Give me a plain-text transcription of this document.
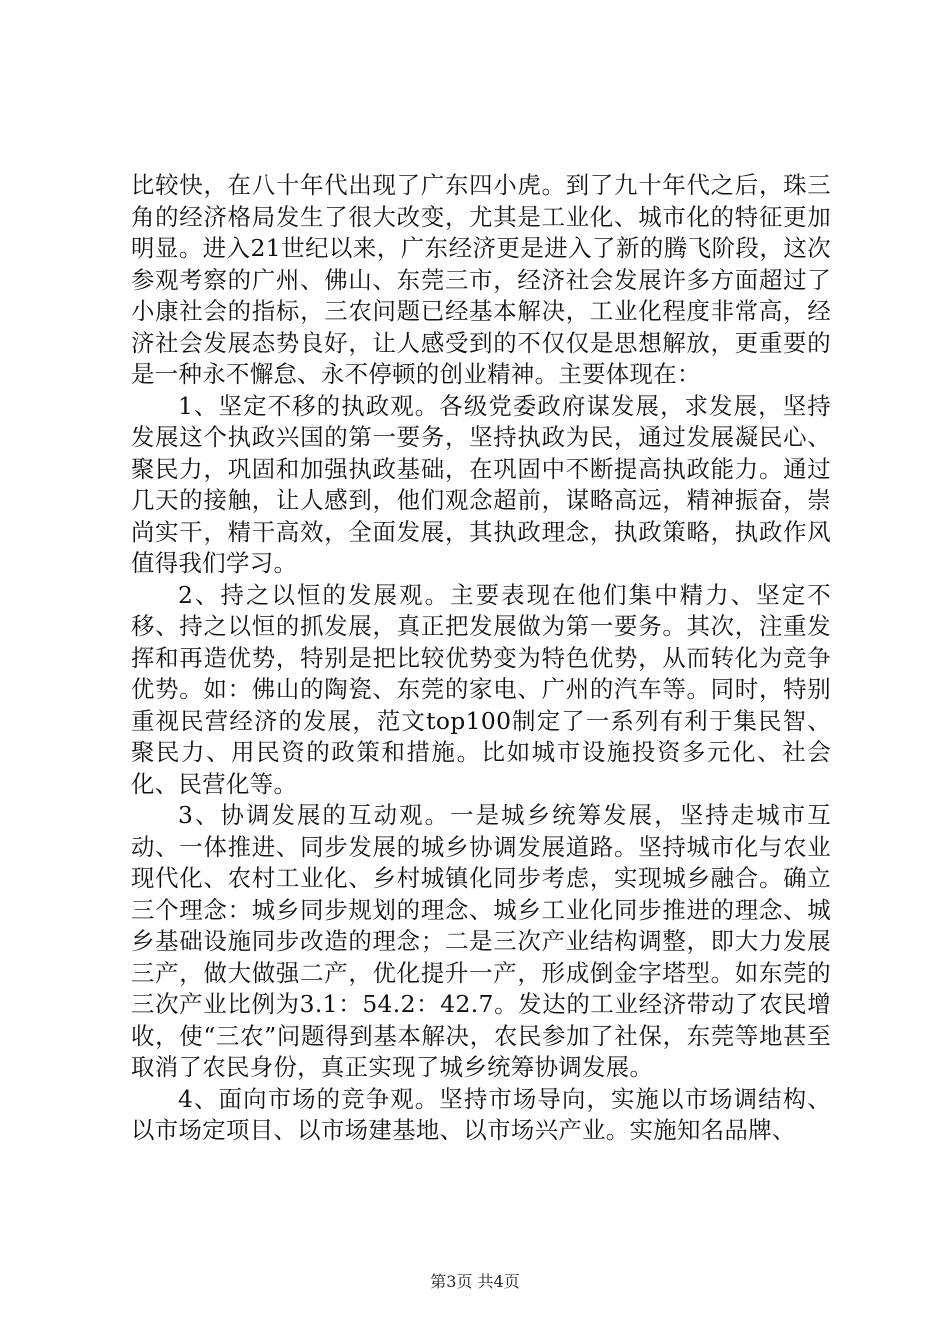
比较快，在八十年代出现了广东四小虎。到了九十年代之后，珠三角的经济格局发生了很大改变，尤其是工业化、城市化的特征更加明显。进入21世纪以来，广东经济更是进入了新的腾飞阶段，这次参观考察的广州、佛山、东莞三市，经济社会发展许多方面超过了小康社会的指标，三农问题已经基本解决，工业化程度非常高，经济社会发展态势良好，让人感受到的不仅仅是思想解放，更重要的是一种永不懈怠、永不停顿的创业精神。主要体现在：

1、坚定不移的执政观。各级党委政府谋发展，求发展，坚持发展这个执政兴国的第一要务，坚持执政为民，通过发展凝民心、聚民力，巩固和加强执政基础，在巩固中不断提高执政能力。通过几天的接触，让人感到，他们观念超前，谋略高远，精神振奋，崇尚实干，精干高效，全面发展，其执政理念，执政策略，执政作风值得我们学习。

2、持之以恒的发展观。主要表现在他们集中精力、坚定不移、持之以恒的抓发展，真正把发展做为第一要务。其次，注重发挥和再造优势，特别是把比较优势变为特色优势，从而转化为竞争优势。如：佛山的陶瓷、东莞的家电、广州的汽车等。同时，特别重视民营经济的发展，范文top100制定了一系列有利于集民智、聚民力、用民资的政策和措施。比如城市设施投资多元化、社会化、民营化等。

3、协调发展的互动观。一是城乡统筹发展，坚持走城市互动、一体推进、同步发展的城乡协调发展道路。坚持城市化与农业现代化、农村工业化、乡村城镇化同步考虑，实现城乡融合。确立三个理念：城乡同步规划的理念、城乡工业化同步推进的理念、城乡基础设施同步改造的理念；二是三次产业结构调整，即大力发展三产，做大做强二产，优化提升一产，形成倒金字塔型。如东莞的三次产业比例为3.1：54.2：42.7。发达的工业经济带动了农民增收，使“三农”问题得到基本解决，农民参加了社保，东莞等地甚至取消了农民身份，真正实现了城乡统筹协调发展。

4、面向市场的竞争观。坚持市场导向，实施以市场调结构、以市场定项目、以市场建基地、以市场兴产业。实施知名品牌、

第3页 共4页
